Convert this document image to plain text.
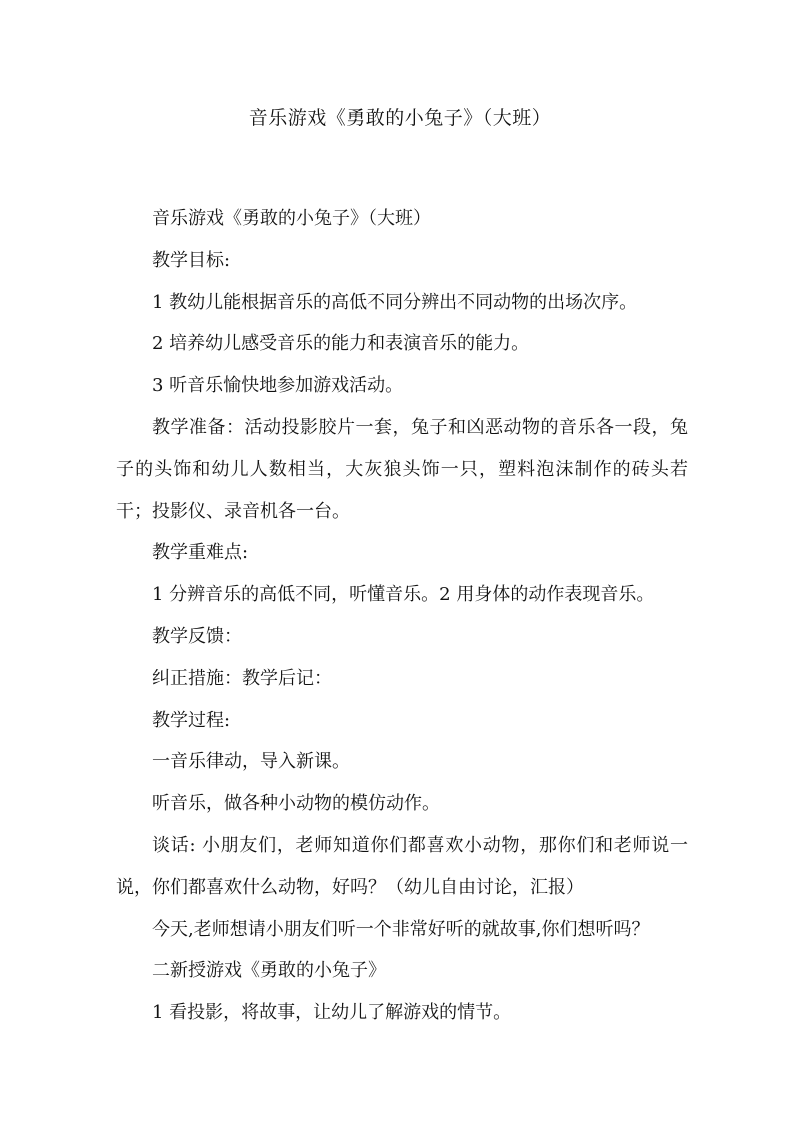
音乐游戏《勇敢的小兔子》（大班）

音乐游戏《勇敢的小兔子》（大班）

教学目标:

1 教幼儿能根据音乐的高低不同分辨出不同动物的出场次序。

2 培养幼儿感受音乐的能力和表演音乐的能力。

3 听音乐愉快地参加游戏活动。

教学准备：活动投影胶片一套，兔子和凶恶动物的音乐各一段，兔子的头饰和幼儿人数相当，大灰狼头饰一只，塑料泡沫制作的砖头若干；投影仪、录音机各一台。

教学重难点:

1 分辨音乐的高低不同，听懂音乐。2 用身体的动作表现音乐。

教学反馈：

纠正措施：教学后记：

教学过程:

一音乐律动，导入新课。

听音乐，做各种小动物的模仿动作。

谈话: 小朋友们，老师知道你们都喜欢小动物，那你们和老师说一说，你们都喜欢什么动物，好吗？（幼儿自由讨论，汇报）

今天,老师想请小朋友们听一个非常好听的就故事,你们想听吗？

二新授游戏《勇敢的小兔子》

1 看投影，将故事，让幼儿了解游戏的情节。
